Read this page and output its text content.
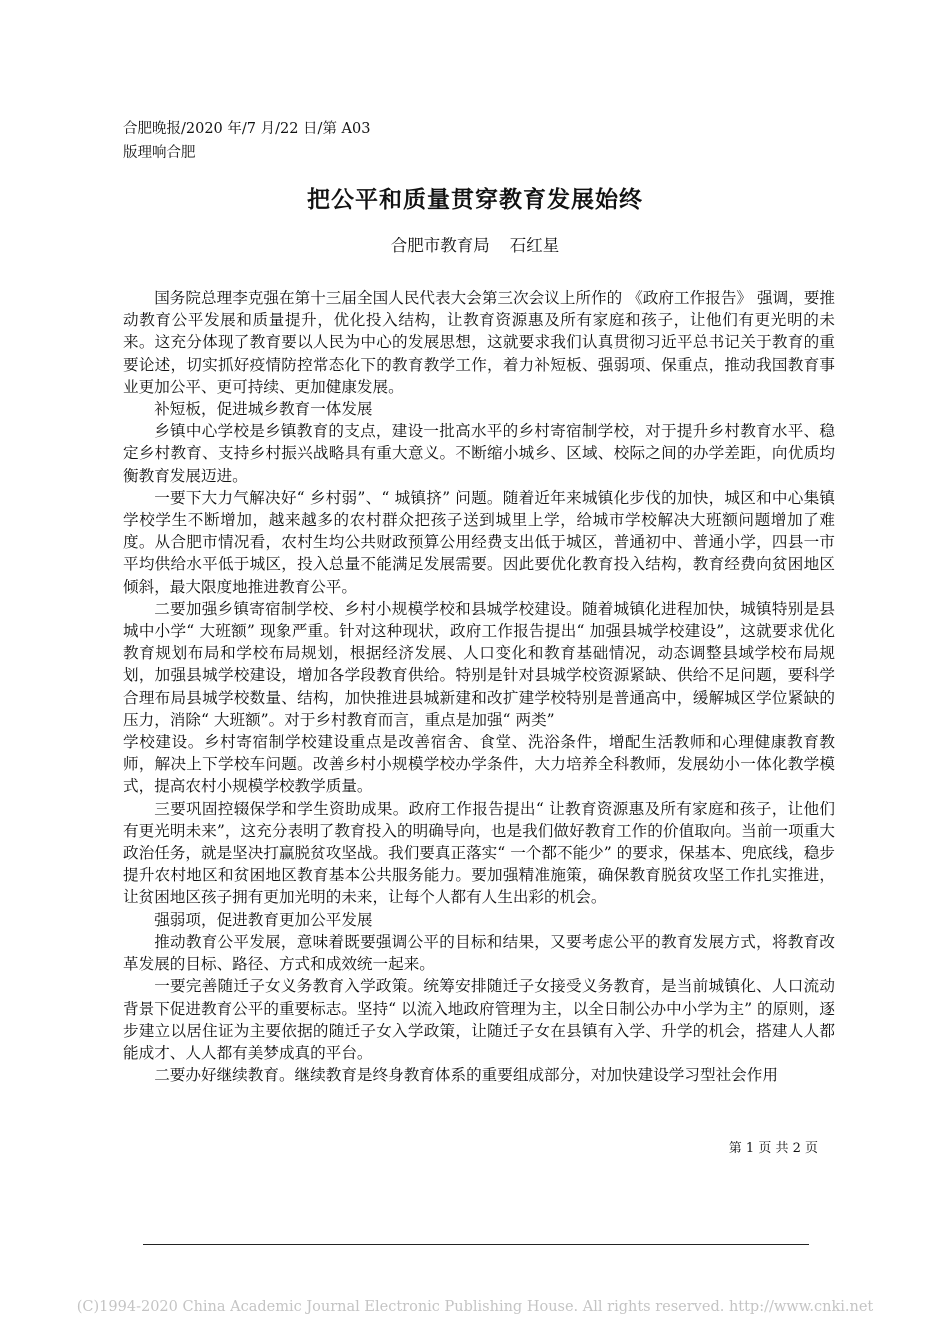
合肥晚报/2020 年/7 月/22 日/第 A03
版理响合肥
把公平和质量贯穿教育发展始终
合肥市教育局 石红星

国务院总理李克强在第十三届全国人民代表大会第三次会议上所作的 《政府工作报告》 强调，要推动教育公平发展和质量提升，优化投入结构，让教育资源惠及所有家庭和孩子，让他们有更光明的未来。这充分体现了教育要以人民为中心的发展思想，这就要求我们认真贯彻习近平总书记关于教育的重要论述，切实抓好疫情防控常态化下的教育教学工作，着力补短板、强弱项、保重点，推动我国教育事业更加公平、更可持续、更加健康发展。

补短板，促进城乡教育一体发展

乡镇中心学校是乡镇教育的支点，建设一批高水平的乡村寄宿制学校，对于提升乡村教育水平、稳定乡村教育、支持乡村振兴战略具有重大意义。不断缩小城乡、区域、校际之间的办学差距，向优质均衡教育发展迈进。

一要下大力气解决好“ 乡村弱”、“ 城镇挤” 问题。随着近年来城镇化步伐的加快，城区和中心集镇学校学生不断增加，越来越多的农村群众把孩子送到城里上学，给城市学校解决大班额问题增加了难度。从合肥市情况看，农村生均公共财政预算公用经费支出低于城区，普通初中、普通小学，四县一市平均供给水平低于城区，投入总量不能满足发展需要。因此要优化教育投入结构，教育经费向贫困地区倾斜，最大限度地推进教育公平。

二要加强乡镇寄宿制学校、乡村小规模学校和县城学校建设。随着城镇化进程加快，城镇特别是县城中小学“ 大班额” 现象严重。针对这种现状，政府工作报告提出“ 加强县城学校建设”，这就要求优化教育规划布局和学校布局规划，根据经济发展、人口变化和教育基础情况，动态调整县域学校布局规划，加强县城学校建设，增加各学段教育供给。特别是针对县城学校资源紧缺、供给不足问题，要科学合理布局县城学校数量、结构，加快推进县城新建和改扩建学校特别是普通高中，缓解城区学位紧缺的压力，消除“ 大班额”。对于乡村教育而言，重点是加强“ 两类”

学校建设。乡村寄宿制学校建设重点是改善宿舍、食堂、洗浴条件，增配生活教师和心理健康教育教师，解决上下学校车问题。改善乡村小规模学校办学条件，大力培养全科教师，发展幼小一体化教学模式，提高农村小规模学校教学质量。

三要巩固控辍保学和学生资助成果。政府工作报告提出“ 让教育资源惠及所有家庭和孩子，让他们有更光明未来”，这充分表明了教育投入的明确导向，也是我们做好教育工作的价值取向。当前一项重大政治任务，就是坚决打赢脱贫攻坚战。我们要真正落实“ 一个都不能少” 的要求，保基本、兜底线，稳步提升农村地区和贫困地区教育基本公共服务能力。要加强精准施策，确保教育脱贫攻坚工作扎实推进，让贫困地区孩子拥有更加光明的未来，让每个人都有人生出彩的机会。

强弱项，促进教育更加公平发展

推动教育公平发展，意味着既要强调公平的目标和结果，又要考虑公平的教育发展方式，将教育改革发展的目标、路径、方式和成效统一起来。

一要完善随迁子女义务教育入学政策。统筹安排随迁子女接受义务教育，是当前城镇化、人口流动背景下促进教育公平的重要标志。坚持“ 以流入地政府管理为主，以全日制公办中小学为主” 的原则，逐步建立以居住证为主要依据的随迁子女入学政策，让随迁子女在县镇有入学、升学的机会，搭建人人都能成才、人人都有美梦成真的平台。

二要办好继续教育。继续教育是终身教育体系的重要组成部分，对加快建设学习型社会作用

第 1 页 共 2 页
(C)1994-2020 China Academic Journal Electronic Publishing House. All rights reserved. http://www.cnki.net
